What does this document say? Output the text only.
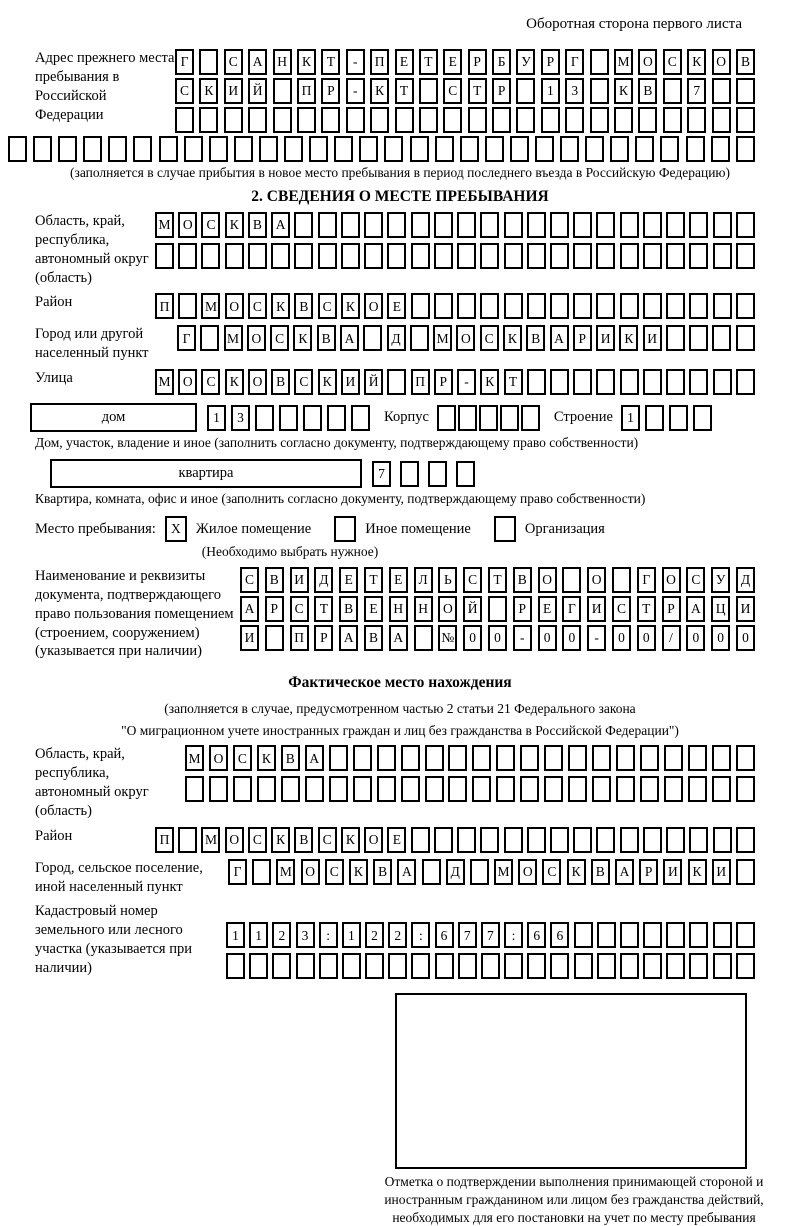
Оборотная сторона первого листа
Адрес прежнего места пребывания в Российской Федерации
Г	С	А	Н	К	Т	-	П	Е	Т	Е	Р	Б	У	Р	Г	М	О	С	К	О	В
С	К	И	Й	П	Р	-	К	Т	С	Т	Р	1	3	К	В	7
(заполняется в случае прибытия в новое место пребывания в период последнего въезда в Российскую Федерацию)
2. СВЕДЕНИЯ О МЕСТЕ ПРЕБЫВАНИЯ
Область, край, республика, автономный округ (область)
М О	С	К	В	А
Район	П	М О	С	К	В	С	К	О	Е
Город или другой населенный пункт
Г	М О	С	К	В	А	Д	М О	С	К	В	А	Р	И	К	И
Улица	М О	С	К	О	В	С	К	И Й	П	Р	-	К	Т
дом	1	3	Корпус	Строение	1
Дом, участок, владение и иное (заполнить согласно документу, подтверждающему право собственности)
квартира	7
Квартира, комната, офис и иное (заполнить согласно документу, подтверждающему право собственности)
Место пребывания:	X	Жилое помещение	Иное помещение	Организация
(Необходимо выбрать нужное)
Наименование и реквизиты документа, подтверждающего право пользования помещением (строением, сооружением) (указывается при наличии)
С	В	И	Д	Е	Т	Е	Л	Ь	С	Т	В	О	О	Г	О	С	У	Д
А	Р	С	Т	В	Е	Н	Н	О	Й	Р	Е	Г	И	С	Т	Р	А	Ц	И
И	П	Р	А	В	А	№	0	0	-	0	0	-	0	0	/	0	0	0
Фактическое место нахождения
(заполняется в случае, предусмотренном частью 2 статьи 21 Федерального закона
"О миграционном учете иностранных граждан и лиц без гражданства в Российской Федерации")
Область, край, республика, автономный округ (область)
М О	С	К	В	А
Район	П	М О	С	К	В	С	К	О	Е
Город, сельское поселение, иной населенный пункт
Г	М О	С	К	В	А	Д	М О	С	К	В	А	Р	И	К	И
Кадастровый номер земельного или лесного участка (указывается при наличии)
1	1	2	3	:	1	2	2	:	6	7	7	:	6	6
Отметка о подтверждении выполнения принимающей стороной и иностранным гражданином или лицом без гражданства действий, необходимых для его постановки на учет по месту пребывания
